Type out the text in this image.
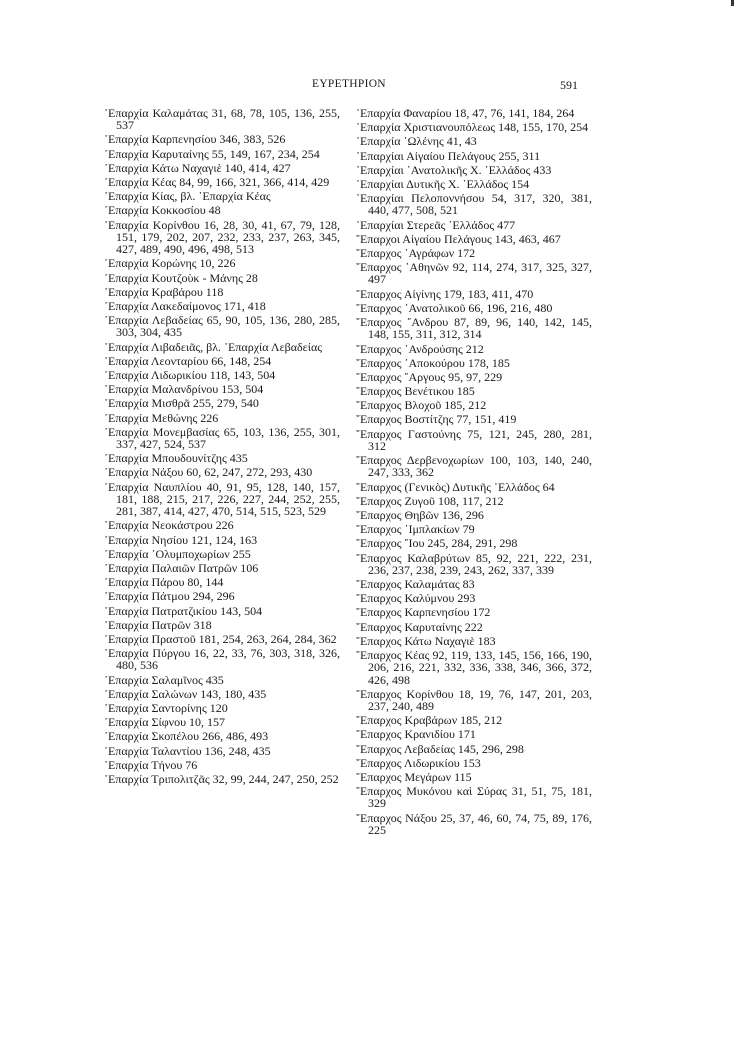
ΕΥΡΕΤΗΡΙΟΝ	591
᾿Επαρχία Καλαμάτας 31, 68, 78, 105, 136, 255, 537
᾿Επαρχία Καρπενησίου 346, 383, 526
᾿Επαρχία Καρυταίνης 55, 149, 167, 234, 254
᾿Επαρχία Κάτω Ναχαγιὲ 140, 414, 427
᾿Επαρχία Κέας 84, 99, 166, 321, 366, 414, 429
᾿Επαρχία Κίας, βλ. ᾿Επαρχία Κέας
᾿Επαρχία Κοκκοσίου 48
᾿Επαρχία Κορίνθου 16, 28, 30, 41, 67, 79, 128, 151, 179, 202, 207, 232, 233, 237, 263, 345, 427, 489, 490, 496, 498, 513
᾿Επαρχία Κορώνης 10, 226
᾿Επαρχία Κουτζοὺκ - Μάνης 28
᾿Επαρχία Κραβάρου 118
᾿Επαρχία Λακεδαίμονος 171, 418
᾿Επαρχία Λεβαδείας 65, 90, 105, 136, 280, 285, 303, 304, 435
᾿Επαρχία Λιβαδειᾶς, βλ. ᾿Επαρχία Λεβαδείας
᾿Επαρχία Λεονταρίου 66, 148, 254
᾿Επαρχία Λιδωρικίου 118, 143, 504
᾿Επαρχία Μαλανδρίνου 153, 504
᾿Επαρχία Μισθρᾶ 255, 279, 540
᾿Επαρχία Μεθώνης 226
᾿Επαρχία Μονεμβασίας 65, 103, 136, 255, 301, 337, 427, 524, 537
᾿Επαρχία Μπουδουνίτζης 435
᾿Επαρχία Νάξου 60, 62, 247, 272, 293, 430
᾿Επαρχία Ναυπλίου 40, 91, 95, 128, 140, 157, 181, 188, 215, 217, 226, 227, 244, 252, 255, 281, 387, 414, 427, 470, 514, 515, 523, 529
᾿Επαρχία Νεοκάστρου 226
᾿Επαρχία Νησίου 121, 124, 163
᾿Επαρχία ᾿Ολυμποχωρίων 255
᾿Επαρχία Παλαιῶν Πατρῶν 106
᾿Επαρχία Πάρου 80, 144
᾿Επαρχία Πάτμου 294, 296
᾿Επαρχία Πατρατζικίου 143, 504
᾿Επαρχία Πατρῶν 318
᾿Επαρχία Πραστοῦ 181, 254, 263, 264, 284, 362
᾿Επαρχία Πύργου 16, 22, 33, 76, 303, 318, 326, 480, 536
᾿Επαρχία Σαλαμῖνος 435
᾿Επαρχία Σαλώνων 143, 180, 435
᾿Επαρχία Σαντορίνης 120
᾿Επαρχία Σίφνου 10, 157
᾿Επαρχία Σκοπέλου 266, 486, 493
᾿Επαρχία Ταλαντίου 136, 248, 435
᾿Επαρχία Τήνου 76
᾿Επαρχία Τριπολιτζᾶς 32, 99, 244, 247, 250, 252
᾿Επαρχία Φαναρίου 18, 47, 76, 141, 184, 264
᾿Επαρχία Χριστιανουπόλεως 148, 155, 170, 254
᾿Επαρχία ᾿Ωλένης 41, 43
᾿Επαρχίαι Αἰγαίου Πελάγους 255, 311
᾿Επαρχίαι ᾿Ανατολικῆς Χ. ῾Ελλάδος 433
᾿Επαρχίαι Δυτικῆς Χ. ῾Ελλάδος 154
᾿Επαρχίαι Πελοποννήσου 54, 317, 320, 381, 440, 477, 508, 521
᾿Επαρχίαι Στερεᾶς ῾Ελλάδος 477
῎Επαρχοι Αἰγαίου Πελάγους 143, 463, 467
῎Επαρχος ᾿Αγράφων 172
῎Επαρχος ᾿Αθηνῶν 92, 114, 274, 317, 325, 327, 497
῎Επαρχος Αἰγίνης 179, 183, 411, 470
῎Επαρχος ᾿Ανατολικοῦ 66, 196, 216, 480
῎Επαρχος ῎Ανδρου 87, 89, 96, 140, 142, 145, 148, 155, 311, 312, 314
῎Επαρχος ᾿Ανδρούσης 212
῎Επαρχος ᾿Αποκούρου 178, 185
῎Επαρχος ῎Αργους 95, 97, 229
῎Επαρχος Βενέτικου 185
῎Επαρχος Βλοχοῦ 185, 212
῎Επαρχος Βοστίτζης 77, 151, 419
῎Επαρχος Γαστούνης 75, 121, 245, 280, 281, 312
῎Επαρχος Δερβενοχωρίων 100, 103, 140, 240, 247, 333, 362
῎Επαρχος (Γενικὸς) Δυτικῆς ῾Ελλάδος 64
῎Επαρχος Ζυγοῦ 108, 117, 212
῎Επαρχος Θηβῶν 136, 296
῎Επαρχος ᾿Ιμπλακίων 79
῎Επαρχος ῎Ιου 245, 284, 291, 298
῎Επαρχος Καλαβρύτων 85, 92, 221, 222, 231, 236, 237, 238, 239, 243, 262, 337, 339
῎Επαρχος Καλαμάτας 83
῎Επαρχος Καλύμνου 293
῎Επαρχος Καρπενησίου 172
῎Επαρχος Καρυταίνης 222
῎Επαρχος Κάτω Ναχαγιὲ 183
῎Επαρχος Κέας 92, 119, 133, 145, 156, 166, 190, 206, 216, 221, 332, 336, 338, 346, 366, 372, 426, 498
῎Επαρχος Κορίνθου 18, 19, 76, 147, 201, 203, 237, 240, 489
῎Επαρχος Κραβάρων 185, 212
῎Επαρχος Κρανιδίου 171
῎Επαρχος Λεβαδείας 145, 296, 298
῎Επαρχος Λιδωρικίου 153
῎Επαρχος Μεγάρων 115
῎Επαρχος Μυκόνου καὶ Σύρας 31, 51, 75, 181, 329
῎Επαρχος Νάξου 25, 37, 46, 60, 74, 75, 89, 176, 225
